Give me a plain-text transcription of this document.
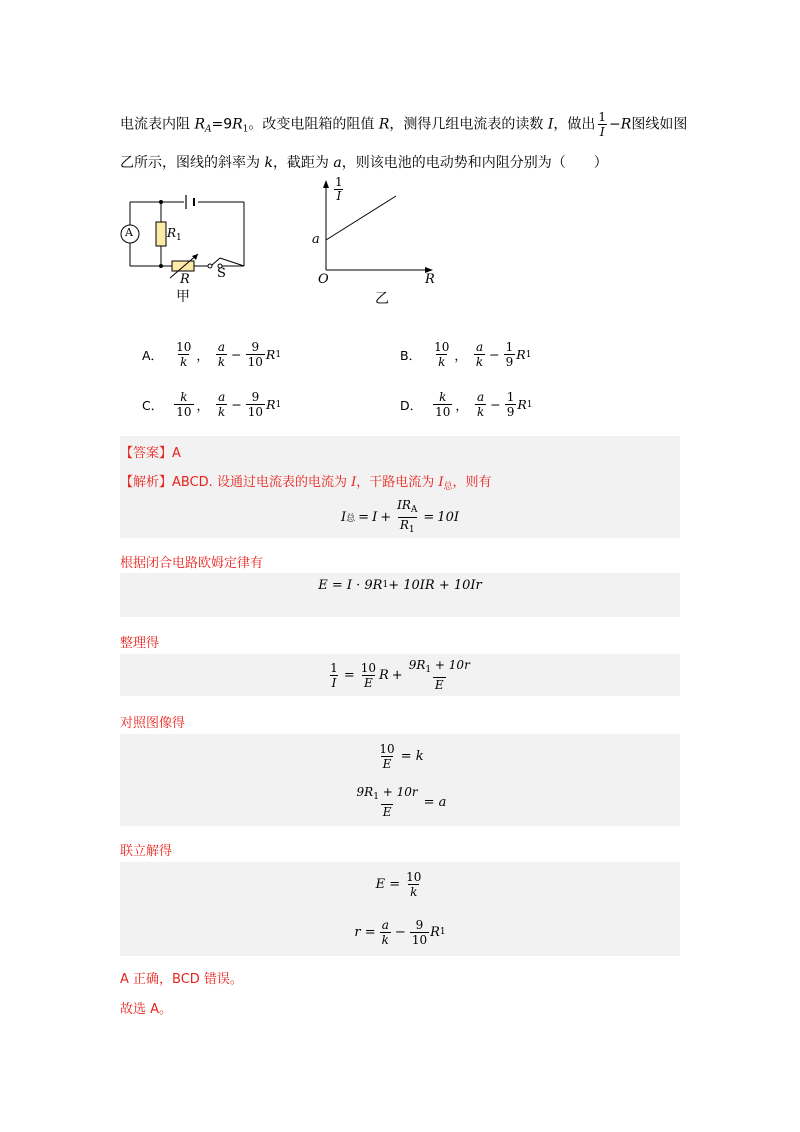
电流表内阻 $R_A=9R_1$。改变电阻箱的阻值 R，测得几组电流表的读数 I，做出 $\frac{1}{I} -R$图线如图
乙所示，图线的斜率为 k，截距为 a，则该电池的电动势和内阻分别为（　　）
A	$R_1$
R S
甲
$\frac{1}{I}$
a
O	R
乙
A． $\frac{10}{k}$ ， $\frac{a}{k} - \frac{9}{10}$ R 1	B． $\frac{10}{k}$ ， $\frac{a}{k} - \frac{1}{9}$ R 1
C． $\frac{k}{10}$ ， $\frac{a}{k} - \frac{9}{10}$ R 1	D． $\frac{k}{10}$ ， $\frac{a}{k} - \frac{1}{9}$ R 1
【答案】A
【解析】ABCD. 设通过电流表的电流为 I，干路电流为 $I_总$，则有
I 总 = $I + \frac{IR_A}{R_1} = 10I$
根据闭合电路欧姆定律有
E = I · 9R 1 + 10IR + 10Ir
整理得
$\frac{1}{I} = \frac{10}{E}$ $R + \frac{9R_1 + 10r}{E}$
对照图像得
$\frac{10}{E} = k$
$\frac{9R_1 + 10r}{E} = a$
联立解得
$E = \frac{10}{k}$
$r = \frac{a}{k} - \frac{9}{10}$ R 1
A 正确，BCD 错误。
故选 A。
